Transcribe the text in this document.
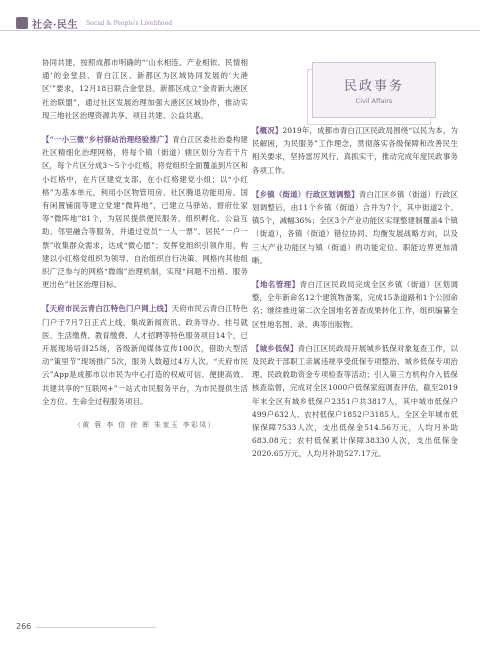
社会·民生 Social & People's Livelihood
民政事务
Civil Affairs

协同共建，按照成都市明确的“‘山水相连、产业相依、民情相通’的金堂县、青白江区、新都区为区域协同发展的‘大港区’”要求，12月18日联合金堂县、新都区成立“金青新大港区社治联盟”，通过社区发展治理加强大港区区域协作，推动实现三地社区治理资源共享、项目共建、公益共惠。

【“一小三微”乡村驿站治理经验推广】青白江区委社治委构建社区精细化治理网格，将每个镇（街道）辖区划分为若干片区，每个片区分成3～5个小红格，将党组织全面覆盖到片区和小红格中，在片区建党支部，在小红格建党小组；以“小红格”为基本单元，利用小区物管用房、社区腾退功能用房、国有闲置铺面等建立党建“微阵地”，已建立马驿站、督府仕家等“微阵地”81个，为居民提供便民服务、组织孵化、公益互助、邻里融合等服务，并通过党员“一人一票”、居民“一户一票”收集群众需求，达成“微心愿”；发挥党组织引领作用，构建以小红格党组织为领导、自治组织自行决策、网格内其他组织广泛参与的网格“微端”治理机制，实现“问题不出格、服务更出色”社区治理目标。

【天府市民云青白江特色门户网上线】天府市民云青白江特色门户于7月7日正式上线，集成新闻资讯、政务导办、挂号就医、生活缴费、教育缴费、人才招聘等特色服务项目14个，已开展现场培训25场，各级新闻媒体宣传100次，借助大型活动“策里节”现场推广5次，服务人数超过4万人次。“天府市民云”App是成都市以市民为中心打造的权威可信、便捷高效、共建共享的“互联网+”一站式市民服务平台，为市民提供生活全方位、生命全过程服务项目。

（黄 蓉 李 信 徐 晖 朱家玉 李彩凤）

【概况】2019年，成都市青白江区民政局围绕“以民为本，为民解困，为民服务”工作理念，贯彻落实各级保障和改善民生相关要求，坚持雷厉风行、真抓实干，推动完成年度民政事务各项工作。

【乡镇（街道）行政区划调整】青白江区乡镇（街道）行政区划调整后，由11个乡镇（街道）合并为7个，其中街道2个、镇5个，减幅36%；全区3个产业功能区实现整建制覆盖4个镇（街道），各镇（街道）错位协同、均衡发展战略方向，以及三大产业功能区与镇（街道）的功能定位、职能边界更加清晰。

【地名管理】青白江区民政局完成全区乡镇（街道）区划调整，全年新命名12个建筑物备案，完成15条道路和1个公园命名；继续推进第二次全国地名普查成果转化工作，组织编纂全区性地名图、录、典等出版物。

【城乡低保】青白江区民政局开展城乡低保对象复查工作，以及民政干部职工亲属违规享受低保专项整治、城乡低保专项治理、民政救助资金专项检查等活动；引入第三方机构介入低保核查监督，完成对全区1000户低保家庭调查评估，截至2019年末全区有城乡低保户2351户共3817人，其中城市低保户499户632人、农村低保户1852户3185人。全区全年城市低保保障7533人次，支出低保金514.56万元，人均月补助683.08元；农村低保累计保障38330人次，支出低保金2020.65万元，人均月补助527.17元。

266
